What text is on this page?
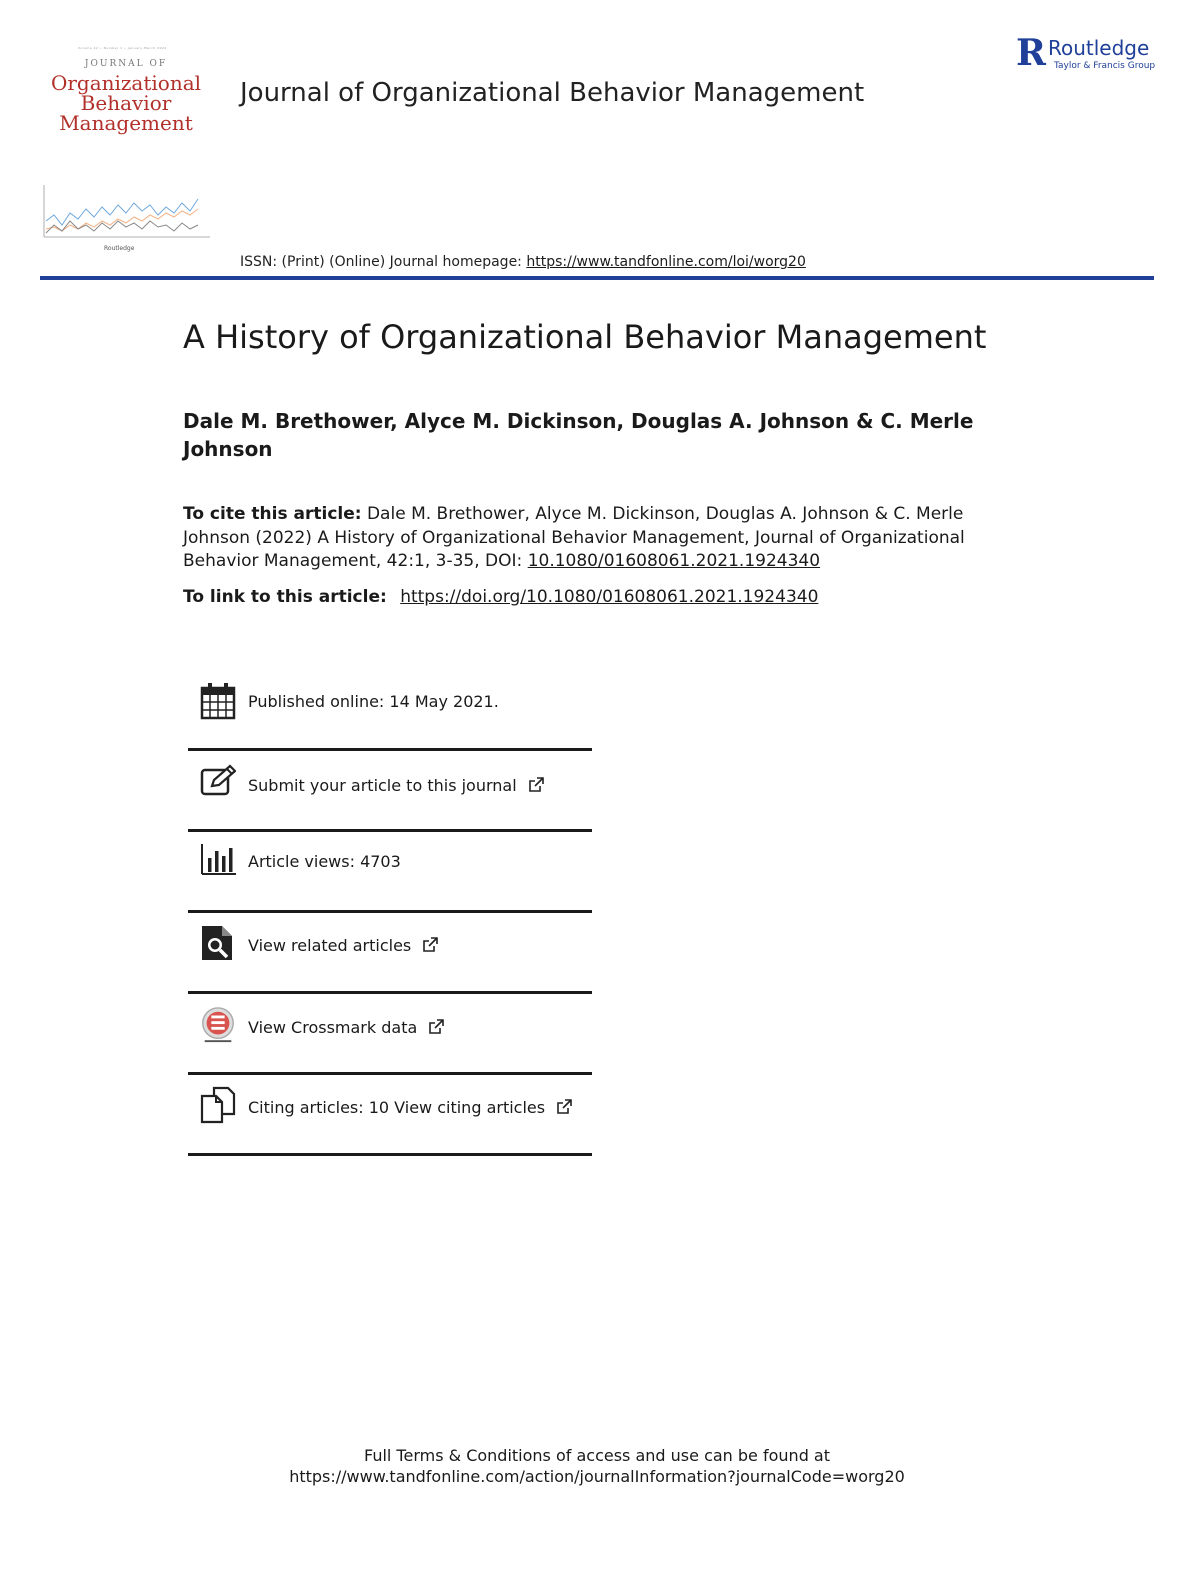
Volume 42 • Number 1 • January-March 2022
JOURNAL OF
Organizational
Behavior
Management
Routledge
Journal of Organizational Behavior Management
R Routledge
Taylor & Francis Group
ISSN: (Print) (Online) Journal homepage: https://www.tandfonline.com/loi/worg20
A History of Organizational Behavior Management
Dale M. Brethower, Alyce M. Dickinson, Douglas A. Johnson & C. Merle Johnson
To cite this article: Dale M. Brethower, Alyce M. Dickinson, Douglas A. Johnson & C. Merle Johnson (2022) A History of Organizational Behavior Management, Journal of Organizational Behavior Management, 42:1, 3-35, DOI: 10.1080/01608061.2021.1924340
To link to this article: https://doi.org/10.1080/01608061.2021.1924340
Published online: 14 May 2021.
Submit your article to this journal
Article views: 4703
View related articles
View Crossmark data
Citing articles: 10 View citing articles
Full Terms & Conditions of access and use can be found at
https://www.tandfonline.com/action/journalInformation?journalCode=worg20
